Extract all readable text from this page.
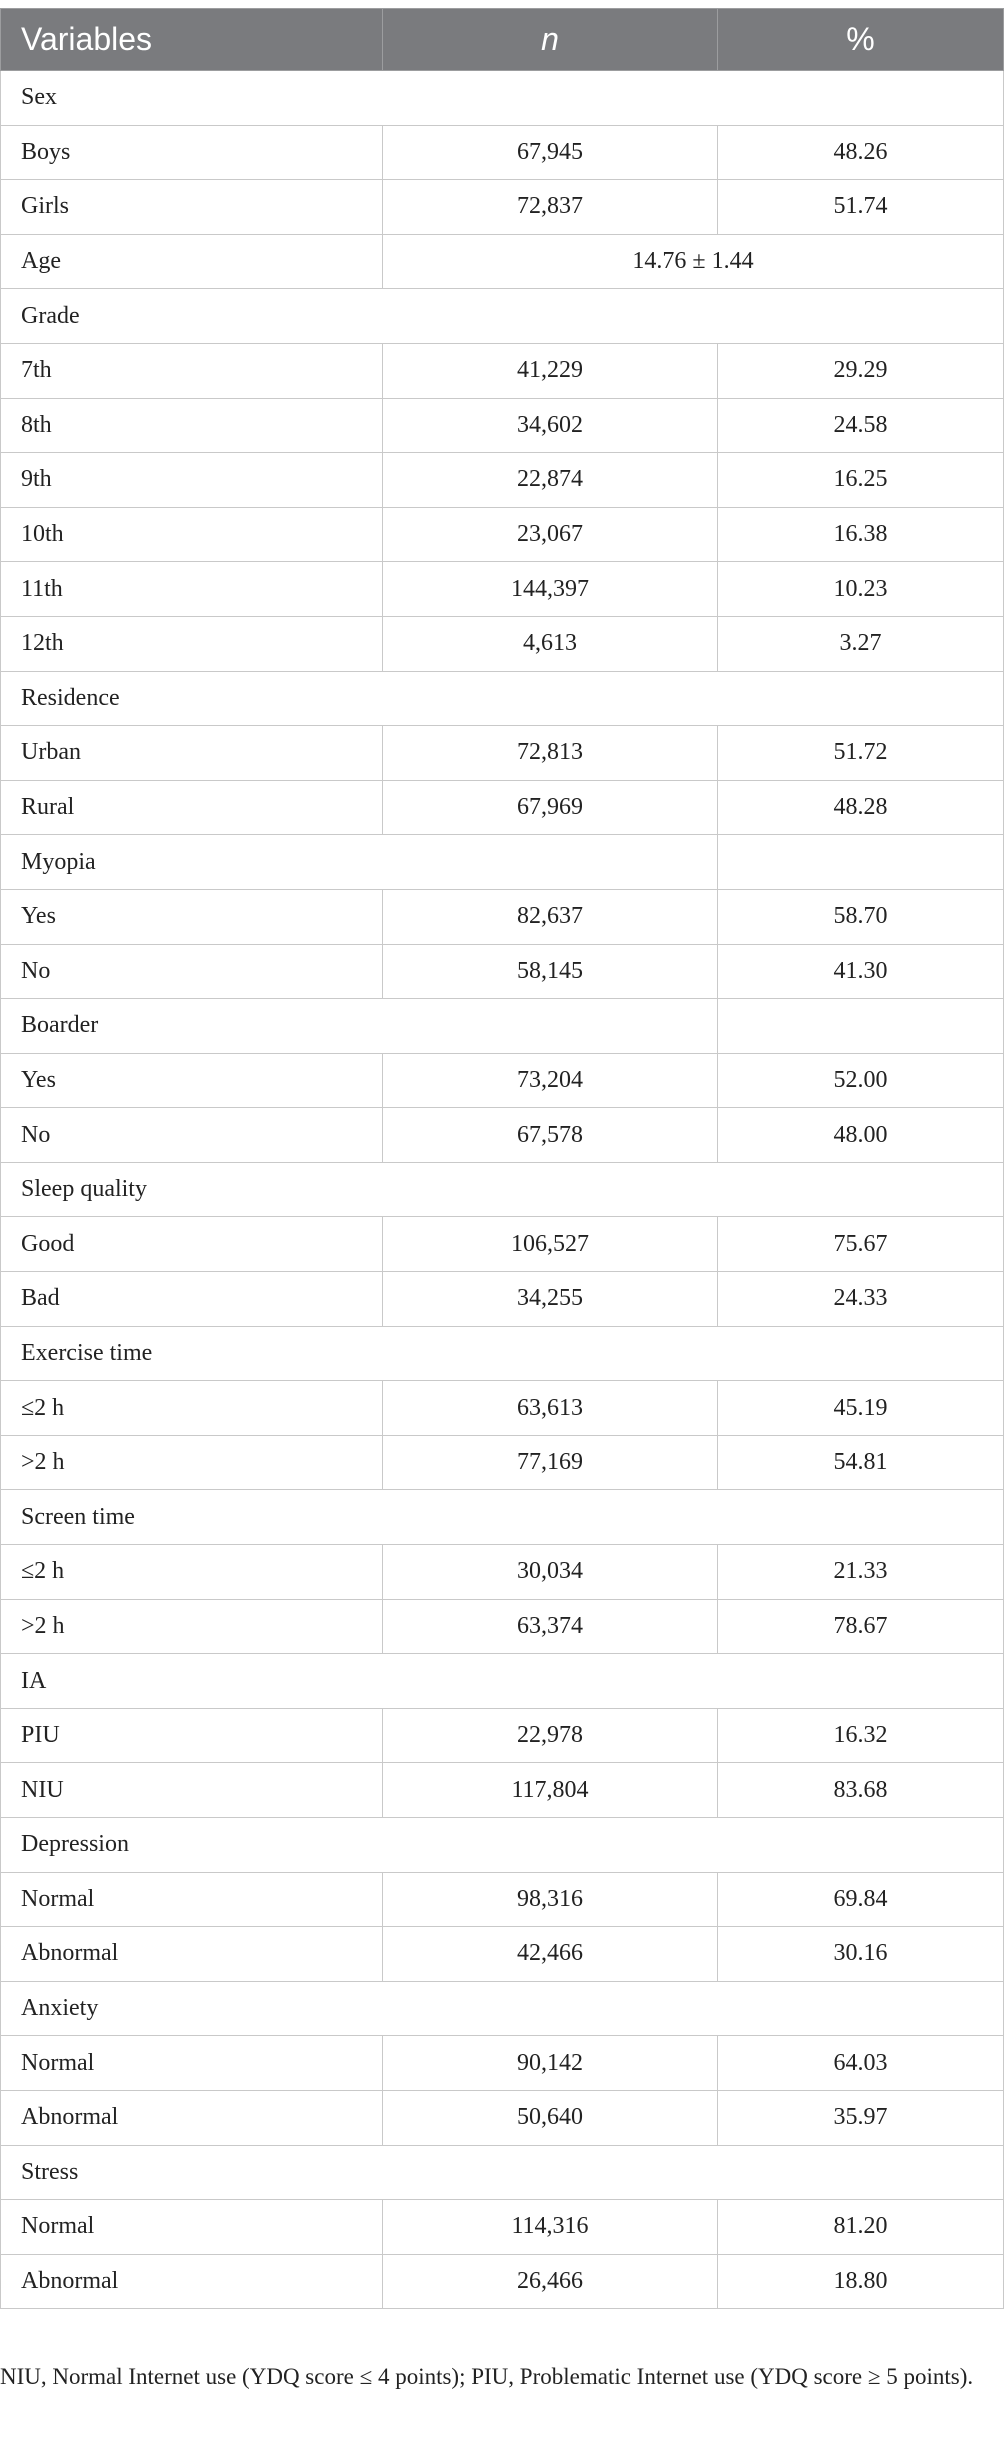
Variables	n	%
Sex		
Boys	67,945	48.26
Girls	72,837	51.74
Age	14.76 ± 1.44	
Grade		
7th	41,229	29.29
8th	34,602	24.58
9th	22,874	16.25
10th	23,067	16.38
11th	144,397	10.23
12th	4,613	3.27
Residence		
Urban	72,813	51.72
Rural	67,969	48.28
Myopia		
Yes	82,637	58.70
No	58,145	41.30
Boarder		
Yes	73,204	52.00
No	67,578	48.00
Sleep quality		
Good	106,527	75.67
Bad	34,255	24.33
Exercise time		
≤2 h	63,613	45.19
>2 h	77,169	54.81
Screen time		
≤2 h	30,034	21.33
>2 h	63,374	78.67
IA		
PIU	22,978	16.32
NIU	117,804	83.68
Depression		
Normal	98,316	69.84
Abnormal	42,466	30.16
Anxiety		
Normal	90,142	64.03
Abnormal	50,640	35.97
Stress		
Normal	114,316	81.20
Abnormal	26,466	18.80
NIU, Normal Internet use (YDQ score ≤ 4 points); PIU, Problematic Internet use (YDQ score ≥ 5 points).
